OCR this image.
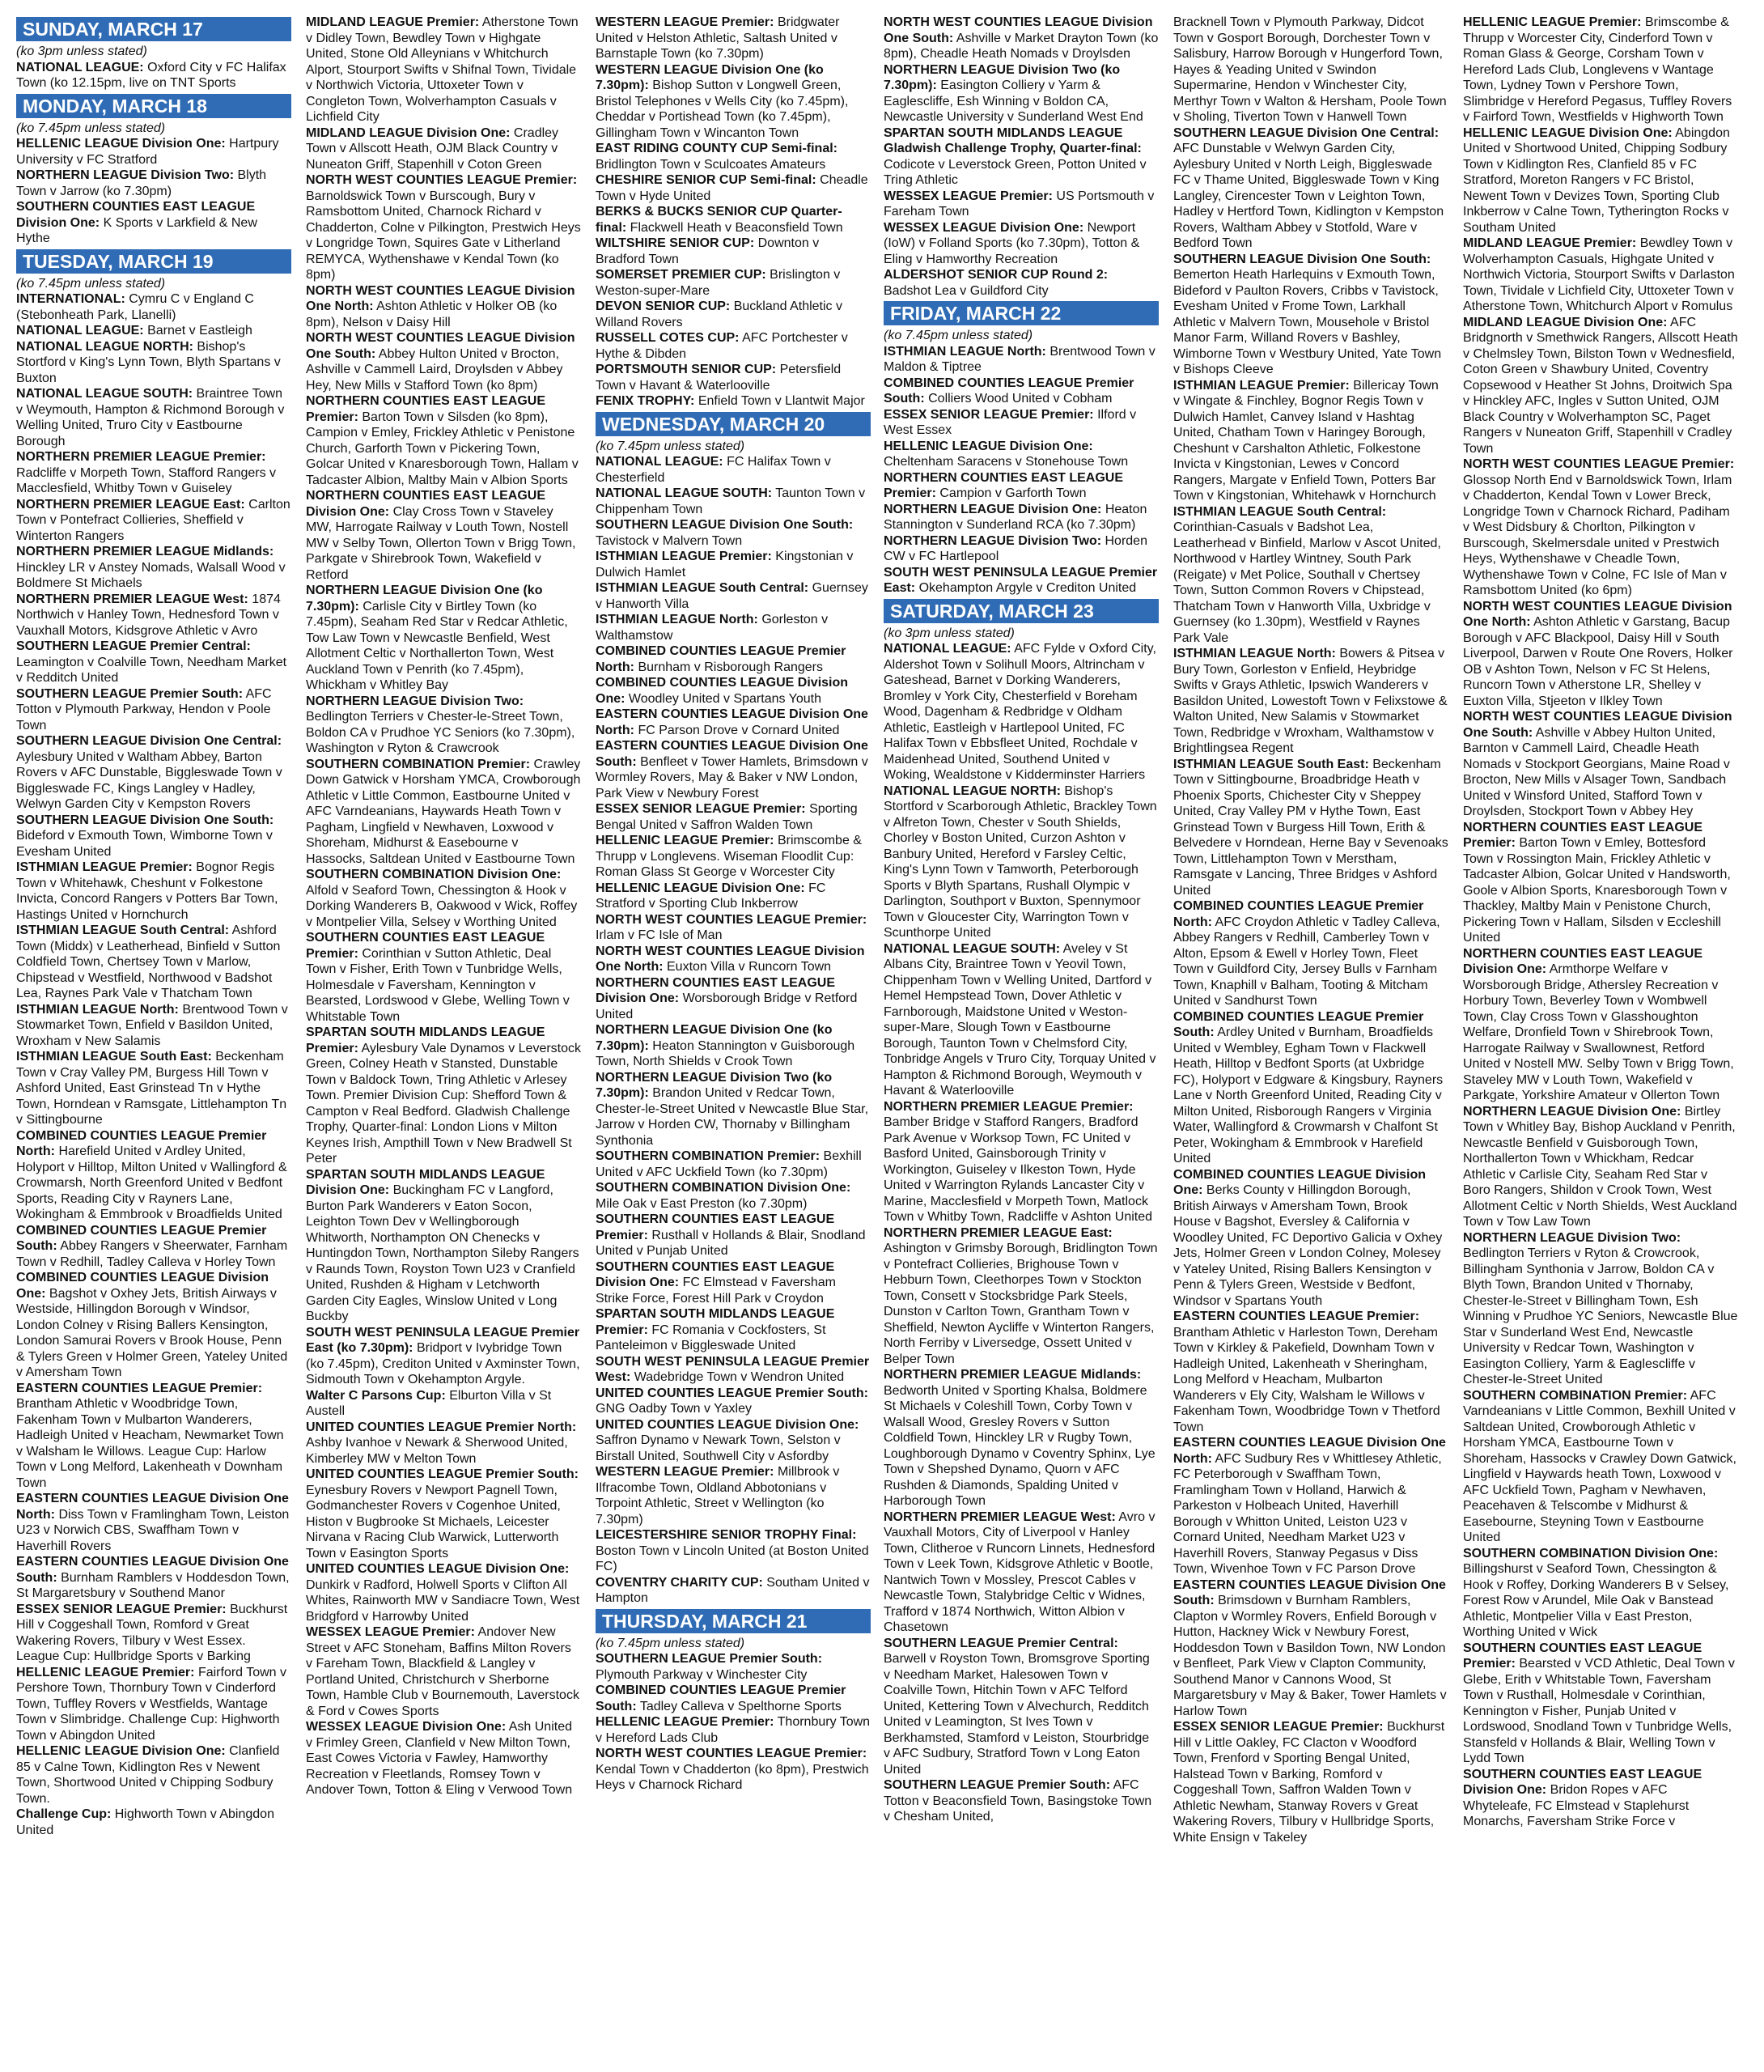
SUNDAY, MARCH 17
(ko 3pm unless stated)
NATIONAL LEAGUE: Oxford City v FC Halifax Town (ko 12.15pm, live on TNT Sports
MONDAY, MARCH 18
(ko 7.45pm unless stated)
HELLENIC LEAGUE Division One: Hartpury University v FC Stratford
NORTHERN LEAGUE Division Two: Blyth Town v Jarrow (ko 7.30pm)
SOUTHERN COUNTIES EAST LEAGUE Division One: K Sports v Larkfield & New Hythe
TUESDAY, MARCH 19
(ko 7.45pm unless stated)
INTERNATIONAL: Cymru C v England C (Stebonheath Park, Llanelli)
NATIONAL LEAGUE: Barnet v Eastleigh
NATIONAL LEAGUE NORTH: Bishop's Stortford v King's Lynn Town, Blyth Spartans v Buxton
NATIONAL LEAGUE SOUTH: Braintree Town v Weymouth, Hampton & Richmond Borough v Welling United, Truro City v Eastbourne Borough
NORTHERN PREMIER LEAGUE Premier: Radcliffe v Morpeth Town, Stafford Rangers v Macclesfield, Whitby Town v Guiseley
NORTHERN PREMIER LEAGUE East: Carlton Town v Pontefract Collieries, Sheffield v Winterton Rangers
NORTHERN PREMIER LEAGUE Midlands: Hinckley LR v Anstey Nomads, Walsall Wood v Boldmere St Michaels
NORTHERN PREMIER LEAGUE West: 1874 Northwich v Hanley Town, Hednesford Town v Vauxhall Motors, Kidsgrove Athletic v Avro
SOUTHERN LEAGUE Premier Central: Leamington v Coalville Town, Needham Market v Redditch United
SOUTHERN LEAGUE Premier South: AFC Totton v Plymouth Parkway, Hendon v Poole Town
SOUTHERN LEAGUE Division One Central: Aylesbury United v Waltham Abbey, Barton Rovers v AFC Dunstable, Biggleswade Town v Biggleswade FC, Kings Langley v Hadley, Welwyn Garden City v Kempston Rovers
SOUTHERN LEAGUE Division One South: Bideford v Exmouth Town, Wimborne Town v Evesham United
ISTHMIAN LEAGUE Premier: Bognor Regis Town v Whitehawk, Cheshunt v Folkestone Invicta, Concord Rangers v Potters Bar Town, Hastings United v Hornchurch
ISTHMIAN LEAGUE South Central: Ashford Town (Middx) v Leatherhead, Binfield v Sutton Coldfield Town, Chertsey Town v Marlow, Chipstead v Westfield, Northwood v Badshot Lea, Raynes Park Vale v Thatcham Town
ISTHMIAN LEAGUE North: Brentwood Town v Stowmarket Town, Enfield v Basildon United, Wroxham v New Salamis
ISTHMIAN LEAGUE South East: Beckenham Town v Cray Valley PM, Burgess Hill Town v Ashford United, East Grinstead Tn v Hythe Town, Horndean v Ramsgate, Littlehampton Tn v Sittingbourne
COMBINED COUNTIES LEAGUE Premier North: Harefield United v Ardley United, Holyport v Hilltop, Milton United v Wallingford & Crowmarsh, North Greenford United v Bedfont Sports, Reading City v Rayners Lane, Wokingham & Emmbrook v Broadfields United
COMBINED COUNTIES LEAGUE Premier South: Abbey Rangers v Sheerwater, Farnham Town v Redhill, Tadley Calleva v Horley Town
COMBINED COUNTIES LEAGUE Division One: Bagshot v Oxhey Jets, British Airways v Westside, Hillingdon Borough v Windsor, London Colney v Rising Ballers Kensington, London Samurai Rovers v Brook House, Penn & Tylers Green v Holmer Green, Yateley United v Amersham Town
EASTERN COUNTIES LEAGUE Premier: Brantham Athletic v Woodbridge Town, Fakenham Town v Mulbarton Wanderers, Hadleigh United v Heacham, Newmarket Town v Walsham le Willows. League Cup: Harlow Town v Long Melford, Lakenheath v Downham Town
EASTERN COUNTIES LEAGUE Division One North: Diss Town v Framlingham Town, Leiston U23 v Norwich CBS, Swaffham Town v Haverhill Rovers
EASTERN COUNTIES LEAGUE Division One South: Burnham Ramblers v Hoddesdon Town, St Margaretsbury v Southend Manor
ESSEX SENIOR LEAGUE Premier: Buckhurst Hill v Coggeshall Town, Romford v Great Wakering Rovers, Tilbury v West Essex. League Cup: Hullbridge Sports v Barking
HELLENIC LEAGUE Premier: Fairford Town v Pershore Town, Thornbury Town v Cinderford Town, Tuffley Rovers v Westfields, Wantage Town v Slimbridge. Challenge Cup: Highworth Town v Abingdon United
HELLENIC LEAGUE Division One: Clanfield 85 v Calne Town, Kidlington Res v Newent Town, Shortwood United v Chipping Sodbury Town.
Challenge Cup: Highworth Town v Abingdon United
MIDLAND LEAGUE Premier: Atherstone Town v Didley Town, Bewdley Town v Highgate United, Stone Old Alleynians v Whitchurch Alport, Stourport Swifts v Shifnal Town, Tividale v Northwich Victoria, Uttoxeter Town v Congleton Town, Wolverhampton Casuals v Lichfield City
MIDLAND LEAGUE Division One: Cradley Town v Allscott Heath, OJM Black Country v Nuneaton Griff, Stapenhill v Coton Green
NORTH WEST COUNTIES LEAGUE Premier: Barnoldswick Town v Burscough, Bury v Ramsbottom United, Charnock Richard v Chadderton, Colne v Pilkington, Prestwich Heys v Longridge Town, Squires Gate v Litherland REMYCA, Wythenshawe v Kendal Town (ko 8pm)
NORTH WEST COUNTIES LEAGUE Division One North: Ashton Athletic v Holker OB (ko 8pm), Nelson v Daisy Hill
NORTH WEST COUNTIES LEAGUE Division One South: Abbey Hulton United v Brocton, Ashville v Cammell Laird, Droylsden v Abbey Hey, New Mills v Stafford Town (ko 8pm)
NORTHERN COUNTIES EAST LEAGUE Premier: Barton Town v Silsden (ko 8pm), Campion v Emley, Frickley Athletic v Penistone Church, Garforth Town v Pickering Town, Golcar United v Knaresborough Town, Hallam v Tadcaster Albion, Maltby Main v Albion Sports
NORTHERN COUNTIES EAST LEAGUE Division One: Clay Cross Town v Staveley MW, Harrogate Railway v Louth Town, Nostell MW v Selby Town, Ollerton Town v Brigg Town, Parkgate v Shirebrook Town, Wakefield v Retford
NORTHERN LEAGUE Division One (ko 7.30pm): Carlisle City v Birtley Town (ko 7.45pm), Seaham Red Star v Redcar Athletic, Tow Law Town v Newcastle Benfield, West Allotment Celtic v Northallerton Town, West Auckland Town v Penrith (ko 7.45pm), Whickham v Whitley Bay
NORTHERN LEAGUE Division Two: Bedlington Terriers v Chester-le-Street Town, Boldon CA v Prudhoe YC Seniors (ko 7.30pm), Washington v Ryton & Crawcrook
SOUTHERN COMBINATION Premier: Crawley Down Gatwick v Horsham YMCA, Crowborough Athletic v Little Common, Eastbourne United v AFC Varndeanians, Haywards Heath Town v Pagham, Lingfield v Newhaven, Loxwood v Shoreham, Midhurst & Easebourne v Hassocks, Saltdean United v Eastbourne Town
SOUTHERN COMBINATION Division One: Alfold v Seaford Town, Chessington & Hook v Dorking Wanderers B, Oakwood v Wick, Roffey v Montpelier Villa, Selsey v Worthing United
SOUTHERN COUNTIES EAST LEAGUE Premier: Corinthian v Sutton Athletic, Deal Town v Fisher, Erith Town v Tunbridge Wells, Holmesdale v Faversham, Kennington v Bearsted, Lordswood v Glebe, Welling Town v Whitstable Town
SPARTAN SOUTH MIDLANDS LEAGUE Premier: Aylesbury Vale Dynamos v Leverstock Green, Colney Heath v Stansted, Dunstable Town v Baldock Town, Tring Athletic v Arlesey Town. Premier Division Cup: Shefford Town & Campton v Real Bedford. Gladwish Challenge Trophy, Quarter-final: London Lions v Milton Keynes Irish, Ampthill Town v New Bradwell St Peter
SPARTAN SOUTH MIDLANDS LEAGUE Division One: Buckingham FC v Langford, Burton Park Wanderers v Eaton Socon, Leighton Town Dev v Wellingborough Whitworth, Northampton ON Chenecks v Huntingdon Town, Northampton Sileby Rangers v Raunds Town, Royston Town U23 v Cranfield United, Rushden & Higham v Letchworth Garden City Eagles, Winslow United v Long Buckby
SOUTH WEST PENINSULA LEAGUE Premier East (ko 7.30pm): Bridport v Ivybridge Town (ko 7.45pm), Crediton United v Axminster Town, Sidmouth Town v Okehampton Argyle.
Walter C Parsons Cup: Elburton Villa v St Austell
UNITED COUNTIES LEAGUE Premier North: Ashby Ivanhoe v Newark & Sherwood United, Kimberley MW v Melton Town
UNITED COUNTIES LEAGUE Premier South: Eynesbury Rovers v Newport Pagnell Town, Godmanchester Rovers v Cogenhoe United, Histon v Bugbrooke St Michaels, Leicester Nirvana v Racing Club Warwick, Lutterworth Town v Easington Sports
UNITED COUNTIES LEAGUE Division One: Dunkirk v Radford, Holwell Sports v Clifton All Whites, Rainworth MW v Sandiacre Town, West Bridgford v Harrowby United
WESSEX LEAGUE Premier: Andover New Street v AFC Stoneham, Baffins Milton Rovers v Fareham Town, Blackfield & Langley v Portland United, Christchurch v Sherborne Town, Hamble Club v Bournemouth, Laverstock & Ford v Cowes Sports
WESSEX LEAGUE Division One: Ash United v Frimley Green, Clanfield v New Milton Town, East Cowes Victoria v Fawley, Hamworthy Recreation v Fleetlands, Romsey Town v Andover Town, Totton & Eling v Verwood Town
WESTERN LEAGUE Premier: Bridgwater United v Helston Athletic, Saltash United v Barnstaple Town (ko 7.30pm)
WESTERN LEAGUE Division One (ko 7.30pm): Bishop Sutton v Longwell Green, Bristol Telephones v Wells City (ko 7.45pm), Cheddar v Portishead Town (ko 7.45pm), Gillingham Town v Wincanton Town
EAST RIDING COUNTY CUP Semi-final: Bridlington Town v Sculcoates Amateurs
CHESHIRE SENIOR CUP Semi-final: Cheadle Town v Hyde United
BERKS & BUCKS SENIOR CUP Quarter-final: Flackwell Heath v Beaconsfield Town
WILTSHIRE SENIOR CUP: Downton v Bradford Town
SOMERSET PREMIER CUP: Brislington v Weston-super-Mare
DEVON SENIOR CUP: Buckland Athletic v Willand Rovers
RUSSELL COTES CUP: AFC Portchester v Hythe & Dibden
PORTSMOUTH SENIOR CUP: Petersfield Town v Havant & Waterlooville
FENIX TROPHY: Enfield Town v Llantwit Major
WEDNESDAY, MARCH 20
(ko 7.45pm unless stated)
NATIONAL LEAGUE: FC Halifax Town v Chesterfield
NATIONAL LEAGUE SOUTH: Taunton Town v Chippenham Town
SOUTHERN LEAGUE Division One South: Tavistock v Malvern Town
ISTHMIAN LEAGUE Premier: Kingstonian v Dulwich Hamlet
ISTHMIAN LEAGUE South Central: Guernsey v Hanworth Villa
ISTHMIAN LEAGUE North: Gorleston v Walthamstow
COMBINED COUNTIES LEAGUE Premier North: Burnham v Risborough Rangers
COMBINED COUNTIES LEAGUE Division One: Woodley United v Spartans Youth
EASTERN COUNTIES LEAGUE Division One North: FC Parson Drove v Cornard United
EASTERN COUNTIES LEAGUE Division One South: Benfleet v Tower Hamlets, Brimsdown v Wormley Rovers, May & Baker v NW London, Park View v Newbury Forest
ESSEX SENIOR LEAGUE Premier: Sporting Bengal United v Saffron Walden Town
HELLENIC LEAGUE Premier: Brimscombe & Thrupp v Longlevens. Wiseman Floodlit Cup: Roman Glass St George v Worcester City
HELLENIC LEAGUE Division One: FC Stratford v Sporting Club Inkberrow
NORTH WEST COUNTIES LEAGUE Premier: Irlam v FC Isle of Man
NORTH WEST COUNTIES LEAGUE Division One North: Euxton Villa v Runcorn Town
NORTHERN COUNTIES EAST LEAGUE Division One: Worsborough Bridge v Retford United
NORTHERN LEAGUE Division One (ko 7.30pm): Heaton Stannington v Guisborough Town, North Shields v Crook Town
NORTHERN LEAGUE Division Two (ko 7.30pm): Brandon United v Redcar Town, Chester-le-Street United v Newcastle Blue Star, Jarrow v Horden CW, Thornaby v Billingham Synthonia
SOUTHERN COMBINATION Premier: Bexhill United v AFC Uckfield Town (ko 7.30pm)
SOUTHERN COMBINATION Division One: Mile Oak v East Preston (ko 7.30pm)
SOUTHERN COUNTIES EAST LEAGUE Premier: Rusthall v Hollands & Blair, Snodland United v Punjab United
SOUTHERN COUNTIES EAST LEAGUE Division One: FC Elmstead v Faversham Strike Force, Forest Hill Park v Croydon
SPARTAN SOUTH MIDLANDS LEAGUE Premier: FC Romania v Cockfosters, St Panteleimon v Biggleswade United
SOUTH WEST PENINSULA LEAGUE Premier West: Wadebridge Town v Wendron United
UNITED COUNTIES LEAGUE Premier South: GNG Oadby Town v Yaxley
UNITED COUNTIES LEAGUE Division One: Saffron Dynamo v Newark Town, Selston v Birstall United, Southwell City v Asfordby
WESTERN LEAGUE Premier: Millbrook v Ilfracombe Town, Oldland Abbotonians v Torpoint Athletic, Street v Wellington (ko 7.30pm)
LEICESTERSHIRE SENIOR TROPHY Final: Boston Town v Lincoln United (at Boston United FC)
COVENTRY CHARITY CUP: Southam United v Hampton
THURSDAY, MARCH 21
(ko 7.45pm unless stated)
SOUTHERN LEAGUE Premier South: Plymouth Parkway v Winchester City
COMBINED COUNTIES LEAGUE Premier South: Tadley Calleva v Spelthorne Sports
HELLENIC LEAGUE Premier: Thornbury Town v Hereford Lads Club
NORTH WEST COUNTIES LEAGUE Premier: Kendal Town v Chadderton (ko 8pm), Prestwich Heys v Charnock Richard
NORTH WEST COUNTIES LEAGUE Division One South: Ashville v Market Drayton Town (ko 8pm), Cheadle Heath Nomads v Droylsden
NORTHERN LEAGUE Division Two (ko 7.30pm): Easington Colliery v Yarm & Eaglescliffe, Esh Winning v Boldon CA, Newcastle University v Sunderland West End
SPARTAN SOUTH MIDLANDS LEAGUE Gladwish Challenge Trophy, Quarter-final: Codicote v Leverstock Green, Potton United v Tring Athletic
WESSEX LEAGUE Premier: US Portsmouth v Fareham Town
WESSEX LEAGUE Division One: Newport (IoW) v Folland Sports (ko 7.30pm), Totton & Eling v Hamworthy Recreation
ALDERSHOT SENIOR CUP Round 2: Badshot Lea v Guildford City
FRIDAY, MARCH 22
(ko 7.45pm unless stated)
ISTHMIAN LEAGUE North: Brentwood Town v Maldon & Tiptree
COMBINED COUNTIES LEAGUE Premier South: Colliers Wood United v Cobham
ESSEX SENIOR LEAGUE Premier: Ilford v West Essex
HELLENIC LEAGUE Division One: Cheltenham Saracens v Stonehouse Town
NORTHERN COUNTIES EAST LEAGUE Premier: Campion v Garforth Town
NORTHERN LEAGUE Division One: Heaton Stannington v Sunderland RCA (ko 7.30pm)
NORTHERN LEAGUE Division Two: Horden CW v FC Hartlepool
SOUTH WEST PENINSULA LEAGUE Premier East: Okehampton Argyle v Crediton United
SATURDAY, MARCH 23
(ko 3pm unless stated)
NATIONAL LEAGUE: AFC Fylde v Oxford City, Aldershot Town v Solihull Moors, Altrincham v Gateshead, Barnet v Dorking Wanderers, Bromley v York City, Chesterfield v Boreham Wood, Dagenham & Redbridge v Oldham Athletic, Eastleigh v Hartlepool United, FC Halifax Town v Ebbsfleet United, Rochdale v Maidenhead United, Southend United v Woking, Wealdstone v Kidderminster Harriers
NATIONAL LEAGUE NORTH: Bishop's Stortford v Scarborough Athletic, Brackley Town v Alfreton Town, Chester v South Shields, Chorley v Boston United, Curzon Ashton v Banbury United, Hereford v Farsley Celtic, King's Lynn Town v Tamworth, Peterborough Sports v Blyth Spartans, Rushall Olympic v Darlington, Southport v Buxton, Spennymoor Town v Gloucester City, Warrington Town v Scunthorpe United
NATIONAL LEAGUE SOUTH: Aveley v St Albans City, Braintree Town v Yeovil Town, Chippenham Town v Welling United, Dartford v Hemel Hempstead Town, Dover Athletic v Farnborough, Maidstone United v Weston-super-Mare, Slough Town v Eastbourne Borough, Taunton Town v Chelmsford City, Tonbridge Angels v Truro City, Torquay United v Hampton & Richmond Borough, Weymouth v Havant & Waterlooville
NORTHERN PREMIER LEAGUE Premier: Bamber Bridge v Stafford Rangers, Bradford Park Avenue v Worksop Town, FC United v Basford United, Gainsborough Trinity v Workington, Guiseley v Ilkeston Town, Hyde United v Warrington Rylands Lancaster City v Marine, Macclesfield v Morpeth Town, Matlock Town v Whitby Town, Radcliffe v Ashton United
NORTHERN PREMIER LEAGUE East: Ashington v Grimsby Borough, Bridlington Town v Pontefract Collieries, Brighouse Town v Hebburn Town, Cleethorpes Town v Stockton Town, Consett v Stocksbridge Park Steels, Dunston v Carlton Town, Grantham Town v Sheffield, Newton Aycliffe v Winterton Rangers, North Ferriby v Liversedge, Ossett United v Belper Town
NORTHERN PREMIER LEAGUE Midlands: Bedworth United v Sporting Khalsa, Boldmere St Michaels v Coleshill Town, Corby Town v Walsall Wood, Gresley Rovers v Sutton Coldfield Town, Hinckley LR v Rugby Town, Loughborough Dynamo v Coventry Sphinx, Lye Town v Shepshed Dynamo, Quorn v AFC Rushden & Diamonds, Spalding United v Harborough Town
NORTHERN PREMIER LEAGUE West: Avro v Vauxhall Motors, City of Liverpool v Hanley Town, Clitheroe v Runcorn Linnets, Hednesford Town v Leek Town, Kidsgrove Athletic v Bootle, Nantwich Town v Mossley, Prescot Cables v Newcastle Town, Stalybridge Celtic v Widnes, Trafford v 1874 Northwich, Witton Albion v Chasetown
SOUTHERN LEAGUE Premier Central: Barwell v Royston Town, Bromsgrove Sporting v Needham Market, Halesowen Town v Coalville Town, Hitchin Town v AFC Telford United, Kettering Town v Alvechurch, Redditch United v Leamington, St Ives Town v Berkhamsted, Stamford v Leiston, Stourbridge v AFC Sudbury, Stratford Town v Long Eaton United
SOUTHERN LEAGUE Premier South: AFC Totton v Beaconsfield Town, Basingstoke Town v Chesham United,
Bracknell Town v Plymouth Parkway, Didcot Town v Gosport Borough, Dorchester Town v Salisbury, Harrow Borough v Hungerford Town, Hayes & Yeading United v Swindon Supermarine, Hendon v Winchester City, Merthyr Town v Walton & Hersham, Poole Town v Sholing, Tiverton Town v Hanwell Town
SOUTHERN LEAGUE Division One Central: AFC Dunstable v Welwyn Garden City, Aylesbury United v North Leigh, Biggleswade FC v Thame United, Biggleswade Town v King Langley, Cirencester Town v Leighton Town, Hadley v Hertford Town, Kidlington v Kempston Rovers, Waltham Abbey v Stotfold, Ware v Bedford Town
SOUTHERN LEAGUE Division One South: Bemerton Heath Harlequins v Exmouth Town, Bideford v Paulton Rovers, Cribbs v Tavistock, Evesham United v Frome Town, Larkhall Athletic v Malvern Town, Mousehole v Bristol Manor Farm, Willand Rovers v Bashley, Wimborne Town v Westbury United, Yate Town v Bishops Cleeve
ISTHMIAN LEAGUE Premier: Billericay Town v Wingate & Finchley, Bognor Regis Town v Dulwich Hamlet, Canvey Island v Hashtag United, Chatham Town v Haringey Borough, Cheshunt v Carshalton Athletic, Folkestone Invicta v Kingstonian, Lewes v Concord Rangers, Margate v Enfield Town, Potters Bar Town v Kingstonian, Whitehawk v Hornchurch
ISTHMIAN LEAGUE South Central: Corinthian-Casuals v Badshot Lea, Leatherhead v Binfield, Marlow v Ascot United, Northwood v Hartley Wintney, South Park (Reigate) v Met Police, Southall v Chertsey Town, Sutton Common Rovers v Chipstead, Thatcham Town v Hanworth Villa, Uxbridge v Guernsey (ko 1.30pm), Westfield v Raynes Park Vale
ISTHMIAN LEAGUE North: Bowers & Pitsea v Bury Town, Gorleston v Enfield, Heybridge Swifts v Grays Athletic, Ipswich Wanderers v Basildon United, Lowestoft Town v Felixstowe & Walton United, New Salamis v Stowmarket Town, Redbridge v Wroxham, Walthamstow v Brightlingsea Regent
ISTHMIAN LEAGUE South East: Beckenham Town v Sittingbourne, Broadbridge Heath v Phoenix Sports, Chichester City v Sheppey United, Cray Valley PM v Hythe Town, East Grinstead Town v Burgess Hill Town, Erith & Belvedere v Horndean, Herne Bay v Sevenoaks Town, Littlehampton Town v Merstham, Ramsgate v Lancing, Three Bridges v Ashford United
COMBINED COUNTIES LEAGUE Premier North: AFC Croydon Athletic v Tadley Calleva, Abbey Rangers v Redhill, Camberley Town v Alton, Epsom & Ewell v Horley Town, Fleet Town v Guildford City, Jersey Bulls v Farnham Town, Knaphill v Balham, Tooting & Mitcham United v Sandhurst Town
COMBINED COUNTIES LEAGUE Premier South: Ardley United v Burnham, Broadfields United v Wembley, Egham Town v Flackwell Heath, Hilltop v Bedfont Sports (at Uxbridge FC), Holyport v Edgware & Kingsbury, Rayners Lane v North Greenford United, Reading City v Milton United, Risborough Rangers v Virginia Water, Wallingford & Crowmarsh v Chalfont St Peter, Wokingham & Emmbrook v Harefield United
COMBINED COUNTIES LEAGUE Division One: Berks County v Hillingdon Borough, British Airways v Amersham Town, Brook House v Bagshot, Eversley & California v Woodley United, FC Deportivo Galicia v Oxhey Jets, Holmer Green v London Colney, Molesey v Yateley United, Rising Ballers Kensington v Penn & Tylers Green, Westside v Bedfont, Windsor v Spartans Youth
EASTERN COUNTIES LEAGUE Premier: Brantham Athletic v Harleston Town, Dereham Town v Kirkley & Pakefield, Downham Town v Hadleigh United, Lakenheath v Sheringham, Long Melford v Heacham, Mulbarton Wanderers v Ely City, Walsham le Willows v Fakenham Town, Woodbridge Town v Thetford Town
EASTERN COUNTIES LEAGUE Division One North: AFC Sudbury Res v Whittlesey Athletic, FC Peterborough v Swaffham Town, Framlingham Town v Holland, Harwich & Parkeston v Holbeach United, Haverhill Borough v Whitton United, Leiston U23 v Cornard United, Needham Market U23 v Haverhill Rovers, Stanway Pegasus v Diss Town, Wivenhoe Town v FC Parson Drove
EASTERN COUNTIES LEAGUE Division One South: Brimsdown v Burnham Ramblers, Clapton v Wormley Rovers, Enfield Borough v Hutton, Hackney Wick v Newbury Forest, Hoddesdon Town v Basildon Town, NW London v Benfleet, Park View v Clapton Community, Southend Manor v Cannons Wood, St Margaretsbury v May & Baker, Tower Hamlets v Harlow Town
ESSEX SENIOR LEAGUE Premier: Buckhurst Hill v Little Oakley, FC Clacton v Woodford Town, Frenford v Sporting Bengal United, Halstead Town v Barking, Romford v Coggeshall Town, Saffron Walden Town v Athletic Newham, Stanway Rovers v Great Wakering Rovers, Tilbury v Hullbridge Sports, White Ensign v Takeley
HELLENIC LEAGUE Premier: Brimscombe & Thrupp v Worcester City, Cinderford Town v Roman Glass & George, Corsham Town v Hereford Lads Club, Longlevens v Wantage Town, Lydney Town v Pershore Town, Slimbridge v Hereford Pegasus, Tuffley Rovers v Fairford Town, Westfields v Highworth Town
HELLENIC LEAGUE Division One: Abingdon United v Shortwood United, Chipping Sodbury Town v Kidlington Res, Clanfield 85 v FC Stratford, Moreton Rangers v FC Bristol, Newent Town v Devizes Town, Sporting Club Inkberrow v Calne Town, Tytherington Rocks v Southam United
MIDLAND LEAGUE Premier: Bewdley Town v Wolverhampton Casuals, Highgate United v Northwich Victoria, Stourport Swifts v Darlaston Town, Tividale v Lichfield City, Uttoxeter Town v Atherstone Town, Whitchurch Alport v Romulus
MIDLAND LEAGUE Division One: AFC Bridgnorth v Smethwick Rangers, Allscott Heath v Chelmsley Town, Bilston Town v Wednesfield, Coton Green v Shawbury United, Coventry Copsewood v Heather St Johns, Droitwich Spa v Hinckley AFC, Ingles v Sutton United, OJM Black Country v Wolverhampton SC, Paget Rangers v Nuneaton Griff, Stapenhill v Cradley Town
NORTH WEST COUNTIES LEAGUE Premier: Glossop North End v Barnoldswick Town, Irlam v Chadderton, Kendal Town v Lower Breck, Longridge Town v Charnock Richard, Padiham v West Didsbury & Chorlton, Pilkington v Burscough, Skelmersdale united v Prestwich Heys, Wythenshawe v Cheadle Town, Wythenshawe Town v Colne, FC Isle of Man v Ramsbottom United (ko 6pm)
NORTH WEST COUNTIES LEAGUE Division One North: Ashton Athletic v Garstang, Bacup Borough v AFC Blackpool, Daisy Hill v South Liverpool, Darwen v Route One Rovers, Holker OB v Ashton Town, Nelson v FC St Helens, Runcorn Town v Atherstone LR, Shelley v Euxton Villa, Stjeeton v Ilkley Town
NORTH WEST COUNTIES LEAGUE Division One South: Ashville v Abbey Hulton United, Barnton v Cammell Laird, Cheadle Heath Nomads v Stockport Georgians, Maine Road v Brocton, New Mills v Alsager Town, Sandbach United v Winsford United, Stafford Town v Droylsden, Stockport Town v Abbey Hey
NORTHERN COUNTIES EAST LEAGUE Premier: Barton Town v Emley, Bottesford Town v Rossington Main, Frickley Athletic v Tadcaster Albion, Golcar United v Handsworth, Goole v Albion Sports, Knaresborough Town v Thackley, Maltby Main v Penistone Church, Pickering Town v Hallam, Silsden v Eccleshill United
NORTHERN COUNTIES EAST LEAGUE Division One: Armthorpe Welfare v Worsborough Bridge, Athersley Recreation v Horbury Town, Beverley Town v Wombwell Town, Clay Cross Town v Glasshoughton Welfare, Dronfield Town v Shirebrook Town, Harrogate Railway v Swallownest, Retford United v Nostell MW. Selby Town v Brigg Town, Staveley MW v Louth Town, Wakefield v Parkgate, Yorkshire Amateur v Ollerton Town
NORTHERN LEAGUE Division One: Birtley Town v Whitley Bay, Bishop Auckland v Penrith, Newcastle Benfield v Guisborough Town, Northallerton Town v Whickham, Redcar Athletic v Carlisle City, Seaham Red Star v Boro Rangers, Shildon v Crook Town, West Allotment Celtic v North Shields, West Auckland Town v Tow Law Town
NORTHERN LEAGUE Division Two: Bedlington Terriers v Ryton & Crowcrook, Billingham Synthonia v Jarrow, Boldon CA v Blyth Town, Brandon United v Thornaby, Chester-le-Street v Billingham Town, Esh Winning v Prudhoe YC Seniors, Newcastle Blue Star v Sunderland West End, Newcastle University v Redcar Town, Washington v Easington Colliery, Yarm & Eaglescliffe v Chester-le-Street United
SOUTHERN COMBINATION Premier: AFC Varndeanians v Little Common, Bexhill United v Saltdean United, Crowborough Athletic v Horsham YMCA, Eastbourne Town v Shoreham, Hassocks v Crawley Down Gatwick, Lingfield v Haywards heath Town, Loxwood v AFC Uckfield Town, Pagham v Newhaven, Peacehaven & Telscombe v Midhurst & Easebourne, Steyning Town v Eastbourne United
SOUTHERN COMBINATION Division One: Billingshurst v Seaford Town, Chessington & Hook v Roffey, Dorking Wanderers B v Selsey, Forest Row v Arundel, Mile Oak v Banstead Athletic, Montpelier Villa v East Preston, Worthing United v Wick
SOUTHERN COUNTIES EAST LEAGUE Premier: Bearsted v VCD Athletic, Deal Town v Glebe, Erith v Whitstable Town, Faversham Town v Rusthall, Holmesdale v Corinthian, Kennington v Fisher, Punjab United v Lordswood, Snodland Town v Tunbridge Wells, Stansfeld v Hollands & Blair, Welling Town v Lydd Town
SOUTHERN COUNTIES EAST LEAGUE Division One: Bridon Ropes v AFC Whyteleafe, FC Elmstead v Staplehurst Monarchs, Faversham Strike Force v
